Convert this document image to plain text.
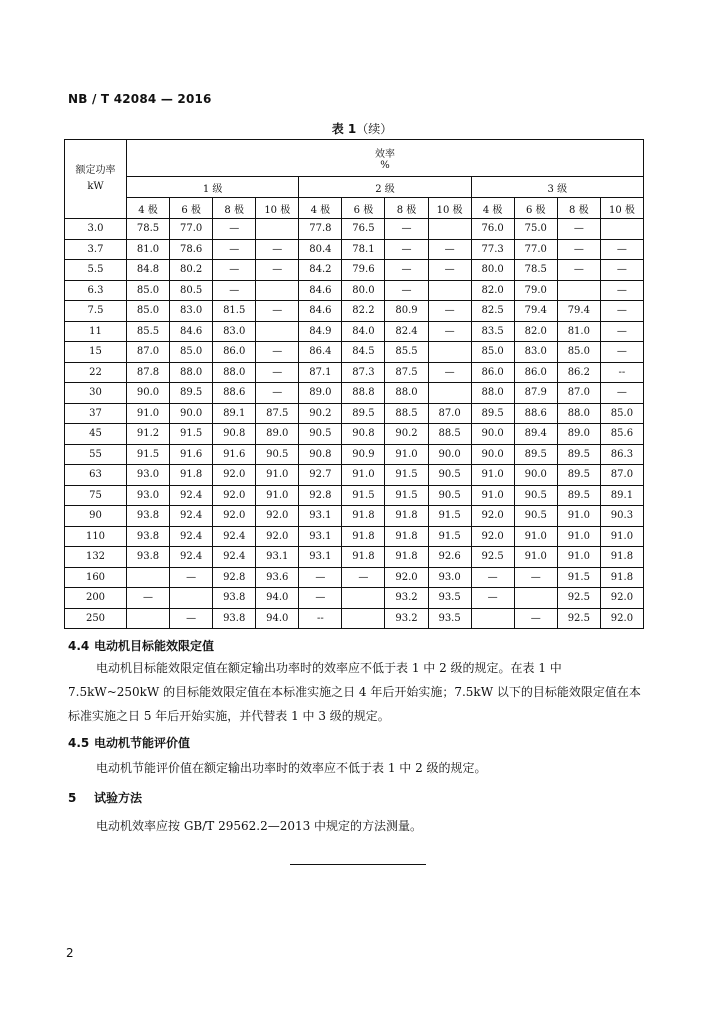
NB / T 42084 — 2016
表 1（续）
额定功率
kW	效率
%											
	1 级				2 级				3 级			
	4 极	6 极	8 极	10 极	4 极	6 极	8 极	10 极	4 极	6 极	8 极	10 极
3.0	78.5	77.0	—		77.8	76.5	—		76.0	75.0	—	
3.7	81.0	78.6	—	—	80.4	78.1	—	—	77.3	77.0	—	—
5.5	84.8	80.2	—	—	84.2	79.6	—	—	80.0	78.5	—	—
6.3	85.0	80.5	—		84.6	80.0	—		82.0	79.0		—
7.5	85.0	83.0	81.5	—	84.6	82.2	80.9	—	82.5	79.4	79.4	—
11	85.5	84.6	83.0		84.9	84.0	82.4	—	83.5	82.0	81.0	—
15	87.0	85.0	86.0	—	86.4	84.5	85.5		85.0	83.0	85.0	—
22	87.8	88.0	88.0	—	87.1	87.3	87.5	—	86.0	86.0	86.2	--
30	90.0	89.5	88.6	—	89.0	88.8	88.0		88.0	87.9	87.0	—
37	91.0	90.0	89.1	87.5	90.2	89.5	88.5	87.0	89.5	88.6	88.0	85.0
45	91.2	91.5	90.8	89.0	90.5	90.8	90.2	88.5	90.0	89.4	89.0	85.6
55	91.5	91.6	91.6	90.5	90.8	90.9	91.0	90.0	90.0	89.5	89.5	86.3
63	93.0	91.8	92.0	91.0	92.7	91.0	91.5	90.5	91.0	90.0	89.5	87.0
75	93.0	92.4	92.0	91.0	92.8	91.5	91.5	90.5	91.0	90.5	89.5	89.1
90	93.8	92.4	92.0	92.0	93.1	91.8	91.8	91.5	92.0	90.5	91.0	90.3
110	93.8	92.4	92.4	92.0	93.1	91.8	91.8	91.5	92.0	91.0	91.0	91.0
132	93.8	92.4	92.4	93.1	93.1	91.8	91.8	92.6	92.5	91.0	91.0	91.8
160		—	92.8	93.6	—	—	92.0	93.0	—	—	91.5	91.8
200	—		93.8	94.0	—		93.2	93.5	—		92.5	92.0
250		—	93.8	94.0	--		93.2	93.5		—	92.5	92.0
4.4 电动机目标能效限定值
电动机目标能效限定值在额定输出功率时的效率应不低于表 1 中 2 级的规定。在表 1 中 7.5kW~250kW 的目标能效限定值在本标准实施之日 4 年后开始实施；7.5kW 以下的目标能效限定值在本标准实施之日 5 年后开始实施，并代替表 1 中 3 级的规定。
4.5 电动机节能评价值
电动机节能评价值在额定输出功率时的效率应不低于表 1 中 2 级的规定。
5 试验方法
电动机效率应按 GB/T 29562.2—2013 中规定的方法测量。
2
